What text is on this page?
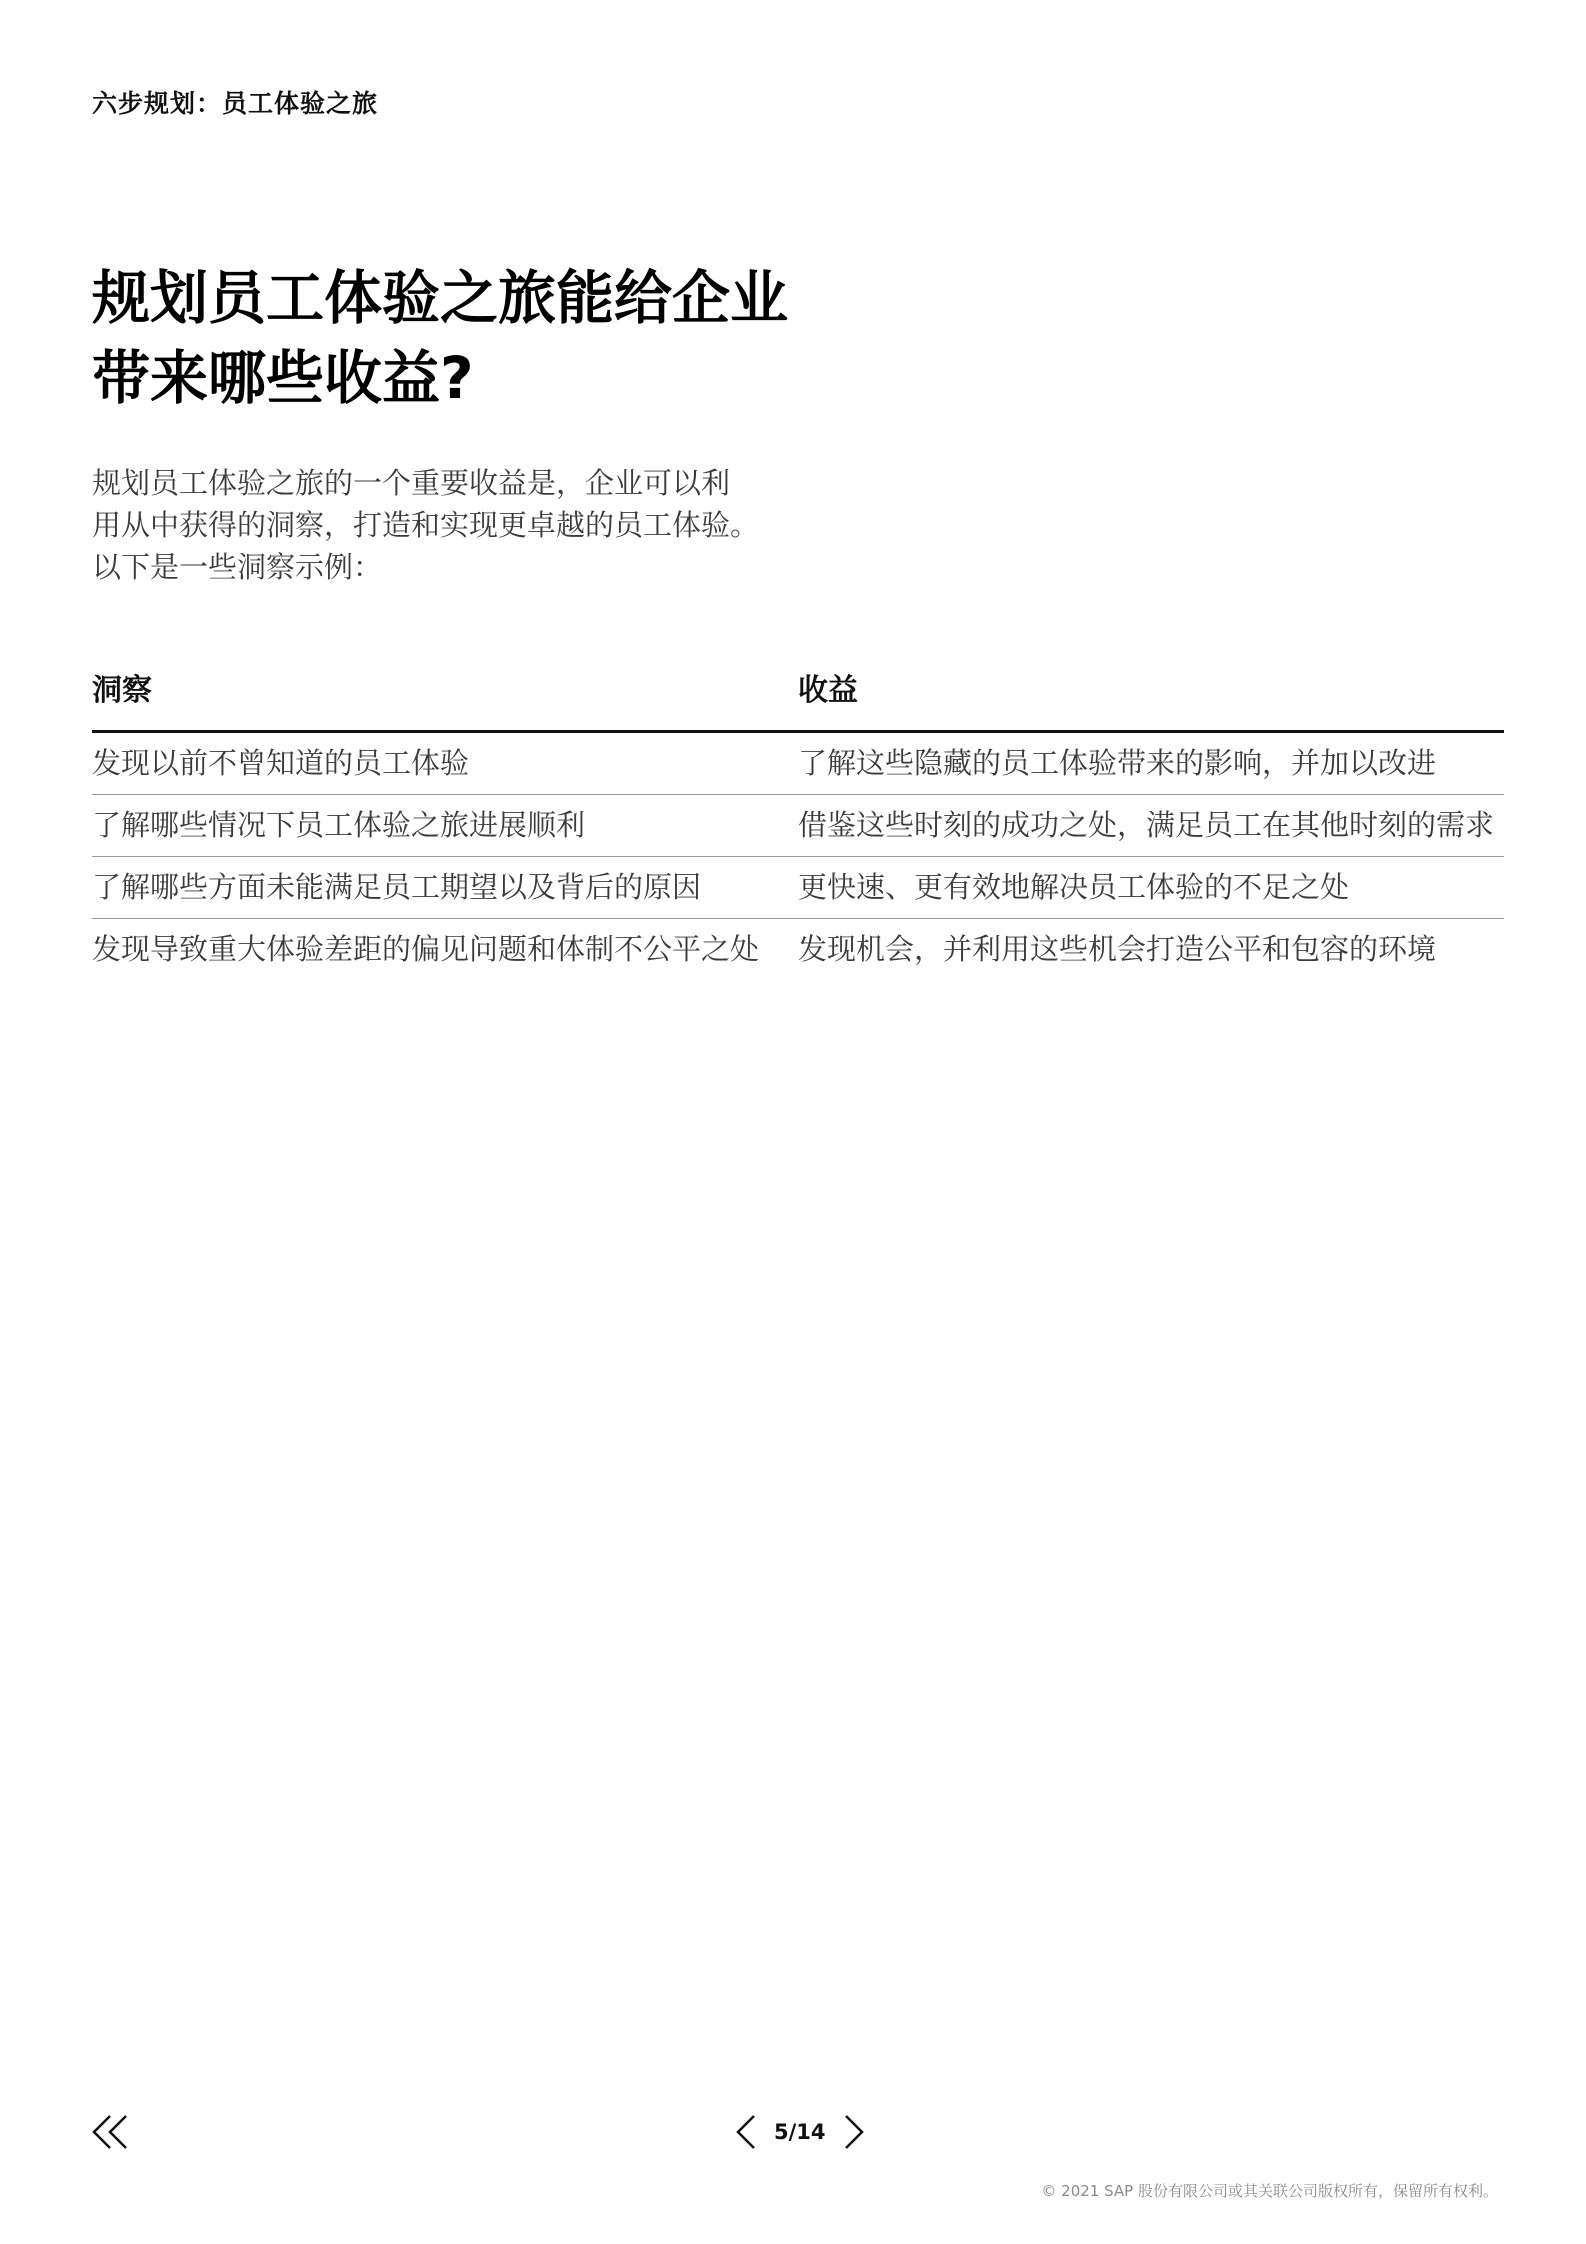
六步规划：员工体验之旅
规划员工体验之旅能给企业
带来哪些收益?

规划员工体验之旅的一个重要收益是，企业可以利
用从中获得的洞察，打造和实现更卓越的员工体验。
以下是一些洞察示例：

洞察	收益
发现以前不曾知道的员工体验	了解这些隐藏的员工体验带来的影响，并加以改进
了解哪些情况下员工体验之旅进展顺利	借鉴这些时刻的成功之处，满足员工在其他时刻的需求
了解哪些方面未能满足员工期望以及背后的原因	更快速、更有效地解决员工体验的不足之处
发现导致重大体验差距的偏见问题和体制不公平之处	发现机会，并利用这些机会打造公平和包容的环境
5/14
© 2021 SAP 股份有限公司或其关联公司版权所有，保留所有权利。
